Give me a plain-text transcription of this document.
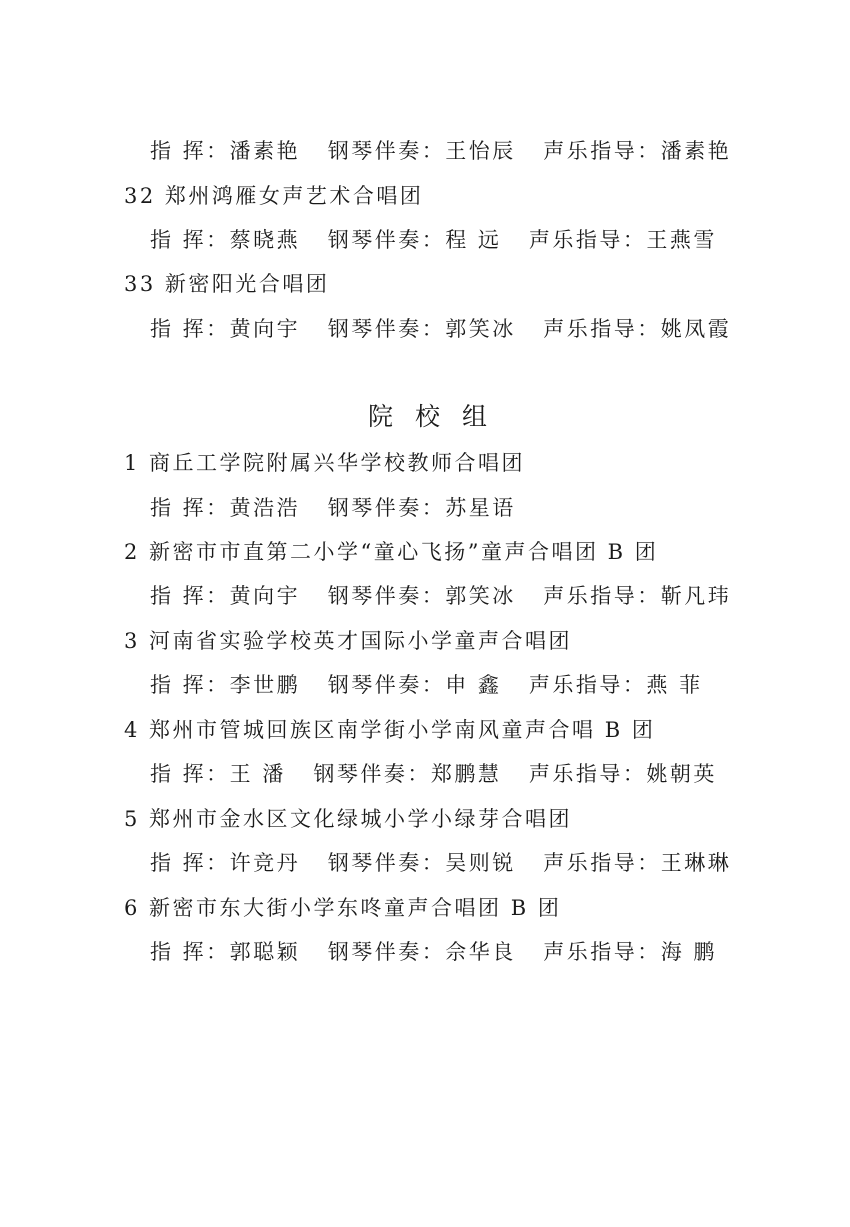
指 挥：潘素艳   钢琴伴奏：王怡辰   声乐指导：潘素艳
32 郑州鸿雁女声艺术合唱团
指 挥：蔡晓燕   钢琴伴奏：程 远   声乐指导：王燕雪
33 新密阳光合唱团
指 挥：黄向宇   钢琴伴奏：郭笑冰   声乐指导：姚凤霞
院 校 组
1 商丘工学院附属兴华学校教师合唱团
指 挥：黄浩浩   钢琴伴奏：苏星语
2 新密市市直第二小学“童心飞扬”童声合唱团 B 团
指 挥：黄向宇   钢琴伴奏：郭笑冰   声乐指导：靳凡玮
3 河南省实验学校英才国际小学童声合唱团
指 挥：李世鹏   钢琴伴奏：申 鑫   声乐指导：燕 菲
4 郑州市管城回族区南学街小学南风童声合唱 B 团
指 挥：王 潘   钢琴伴奏：郑鹏慧   声乐指导：姚朝英
5 郑州市金水区文化绿城小学小绿芽合唱团
指 挥：许竞丹   钢琴伴奏：吴则锐   声乐指导：王琳琳
6 新密市东大街小学东咚童声合唱团 B 团
指 挥：郭聪颖   钢琴伴奏：佘华良   声乐指导：海 鹏
